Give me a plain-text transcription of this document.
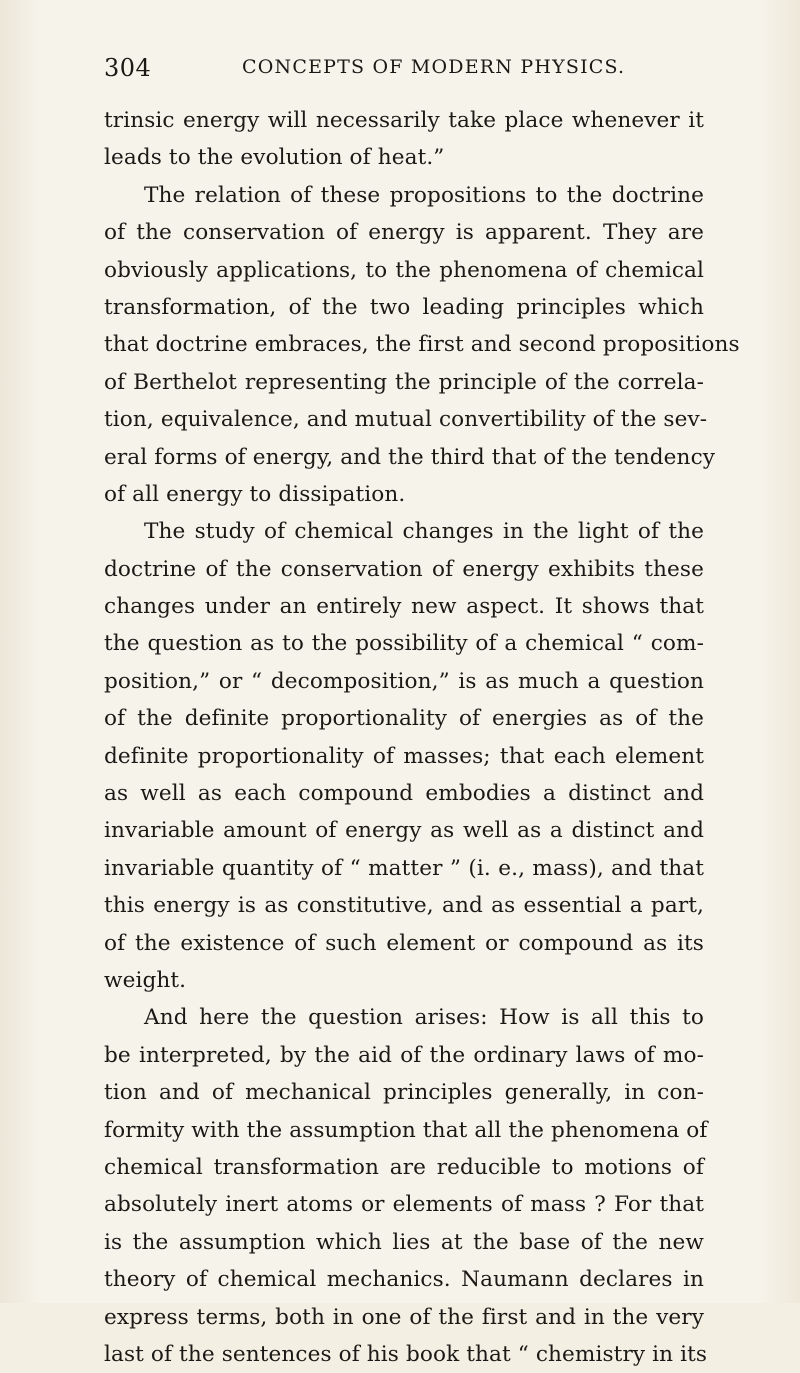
304	CONCEPTS OF MODERN PHYSICS.
trinsic energy will necessarily take place whenever it
leads to the evolution of heat.”
The relation of these propositions to the doctrine
of the conservation of energy is apparent. They are
obviously applications, to the phenomena of chemical
transformation, of the two leading principles which
that doctrine embraces, the first and second propositions
of Berthelot representing the principle of the correla-
tion, equivalence, and mutual convertibility of the sev-
eral forms of energy, and the third that of the tendency
of all energy to dissipation.
The study of chemical changes in the light of the
doctrine of the conservation of energy exhibits these
changes under an entirely new aspect. It shows that
the question as to the possibility of a chemical “ com-
position,” or “ decomposition,” is as much a question
of the definite proportionality of energies as of the
definite proportionality of masses; that each element
as well as each compound embodies a distinct and
invariable amount of energy as well as a distinct and
invariable quantity of “ matter ” (i. e., mass), and that
this energy is as constitutive, and as essential a part,
of the existence of such element or compound as its
weight.
And here the question arises: How is all this to
be interpreted, by the aid of the ordinary laws of mo-
tion and of mechanical principles generally, in con-
formity with the assumption that all the phenomena of
chemical transformation are reducible to motions of
absolutely inert atoms or elements of mass ? For that
is the assumption which lies at the base of the new
theory of chemical mechanics. Naumann declares in
express terms, both in one of the first and in the very
last of the sentences of his book that “ chemistry in its
